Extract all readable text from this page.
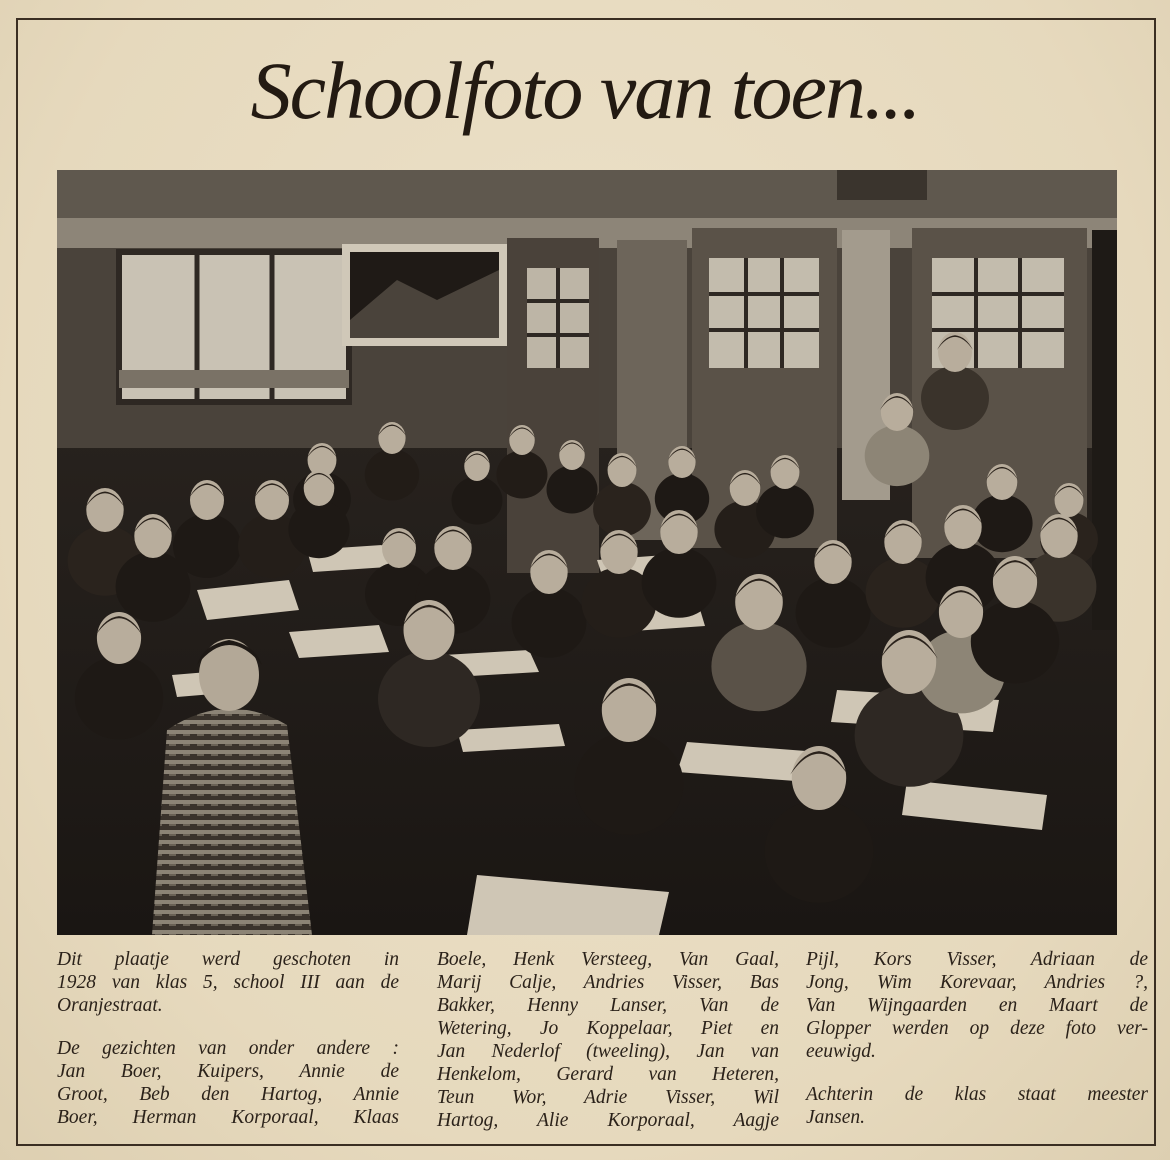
Schoolfoto van toen...
Dit plaatje werd geschoten in
1928 van klas 5, school III aan de
Oranjestraat.
De gezichten van onder andere :
Jan Boer, Kuipers, Annie de
Groot, Beb den Hartog, Annie
Boer, Herman Korporaal, Klaas
Boele, Henk Versteeg, Van Gaal,
Marij Calje, Andries Visser, Bas
Bakker, Henny Lanser, Van de
Wetering, Jo Koppelaar, Piet en
Jan Nederlof (tweeling), Jan van
Henkelom, Gerard van Heteren,
Teun Wor, Adrie Visser, Wil
Hartog, Alie Korporaal, Aagje
Pijl, Kors Visser, Adriaan de
Jong, Wim Korevaar, Andries ?,
Van Wijngaarden en Maart de
Glopper werden op deze foto ver-
eeuwigd.
Achterin de klas staat meester
Jansen.
